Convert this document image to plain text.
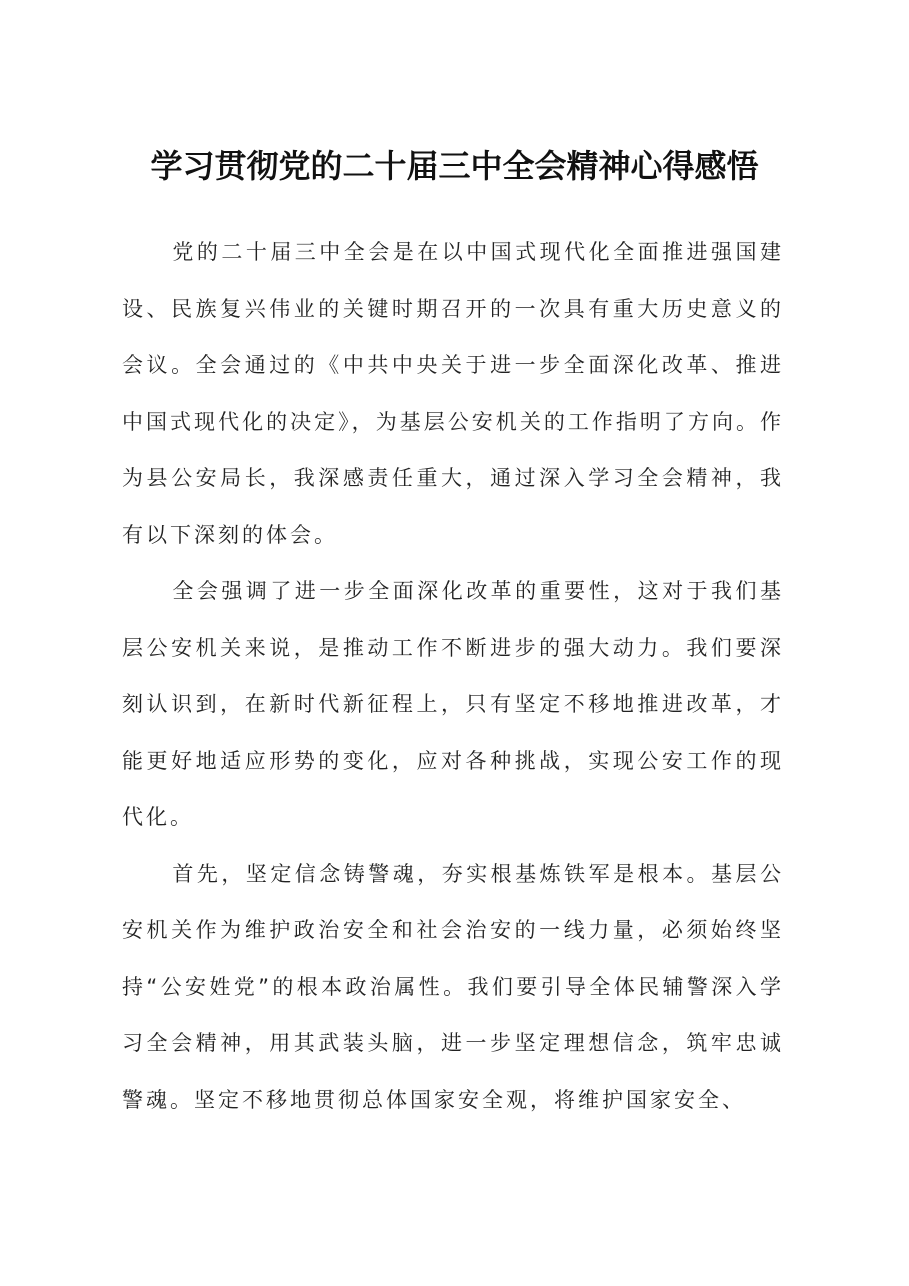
学习贯彻党的二十届三中全会精神心得感悟

党的二十届三中全会是在以中国式现代化全面推进强国建设、民族复兴伟业的关键时期召开的一次具有重大历史意义的会议。全会通过的《中共中央关于进一步全面深化改革、推进中国式现代化的决定》，为基层公安机关的工作指明了方向。作为县公安局长，我深感责任重大，通过深入学习全会精神，我有以下深刻的体会。

全会强调了进一步全面深化改革的重要性，这对于我们基层公安机关来说，是推动工作不断进步的强大动力。我们要深刻认识到，在新时代新征程上，只有坚定不移地推进改革，才能更好地适应形势的变化，应对各种挑战，实现公安工作的现代化。

首先，坚定信念铸警魂，夯实根基炼铁军是根本。基层公安机关作为维护政治安全和社会治安的一线力量，必须始终坚持“公安姓党”的根本政治属性。我们要引导全体民辅警深入学习全会精神，用其武装头脑，进一步坚定理想信念，筑牢忠诚警魂。坚定不移地贯彻总体国家安全观，将维护国家安全、
